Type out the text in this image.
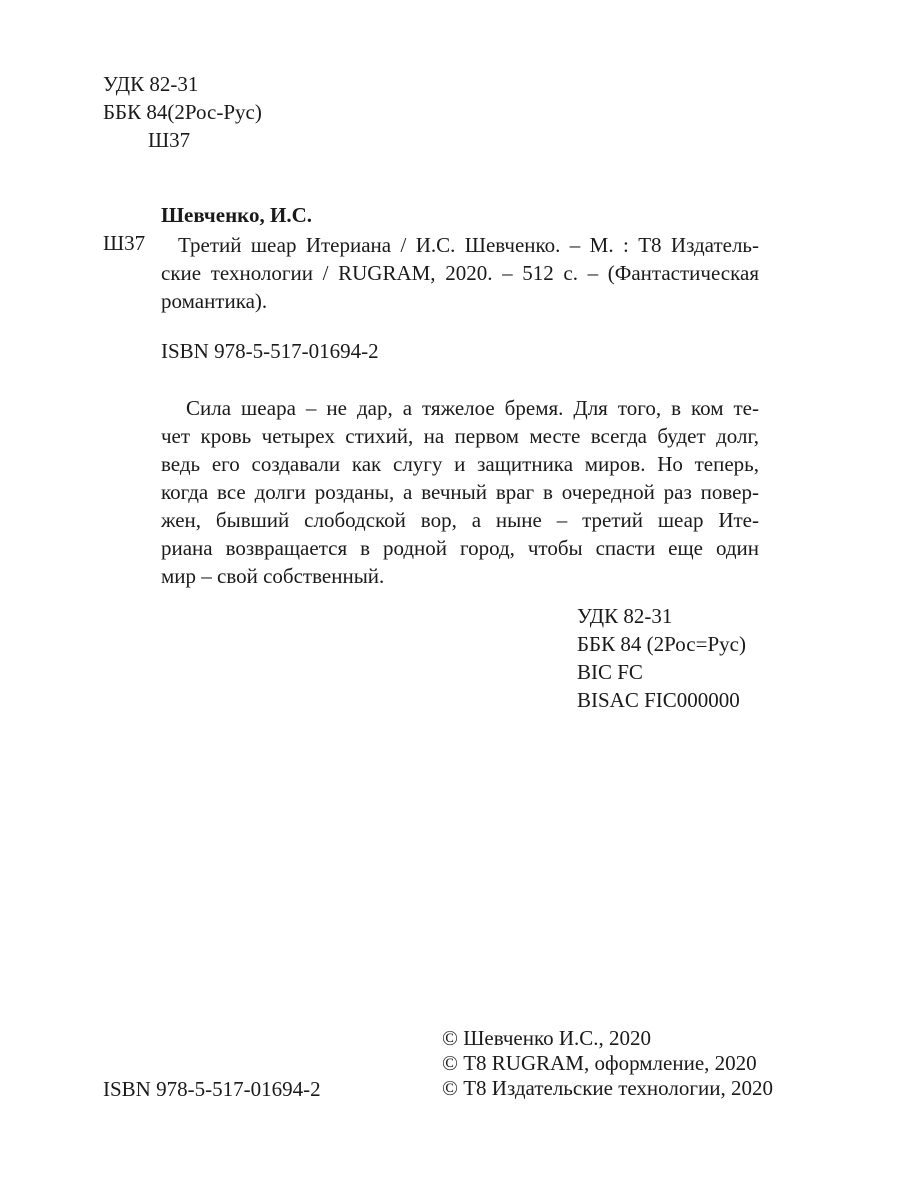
УДК 82-31
ББК 84(2Рос-Рус)
Ш37
Шевченко, И.С.
Ш37	Третий шеар Итериана / И.С. Шевченко. – М. : Т8 Издатель-
ские технологии / RUGRAM, 2020. – 512 с. – (Фантастическая
романтика).
ISBN 978-5-517-01694-2
Сила шеара – не дар, а тяжелое бремя. Для того, в ком те-
чет кровь четырех стихий, на первом месте всегда будет долг,
ведь его создавали как слугу и защитника миров. Но теперь,
когда все долги розданы, а вечный враг в очередной раз повер-
жен, бывший слободской вор, а ныне – третий шеар Ите-
риана возвращается в родной город, чтобы спасти еще один
мир – свой собственный.
УДК 82-31
ББК 84 (2Рос=Рус)
BIC FC
BISAC FIC000000
ISBN 978-5-517-01694-2
© Шевченко И.С., 2020
© Т8 RUGRAM, оформление, 2020
© Т8 Издательские технологии, 2020
